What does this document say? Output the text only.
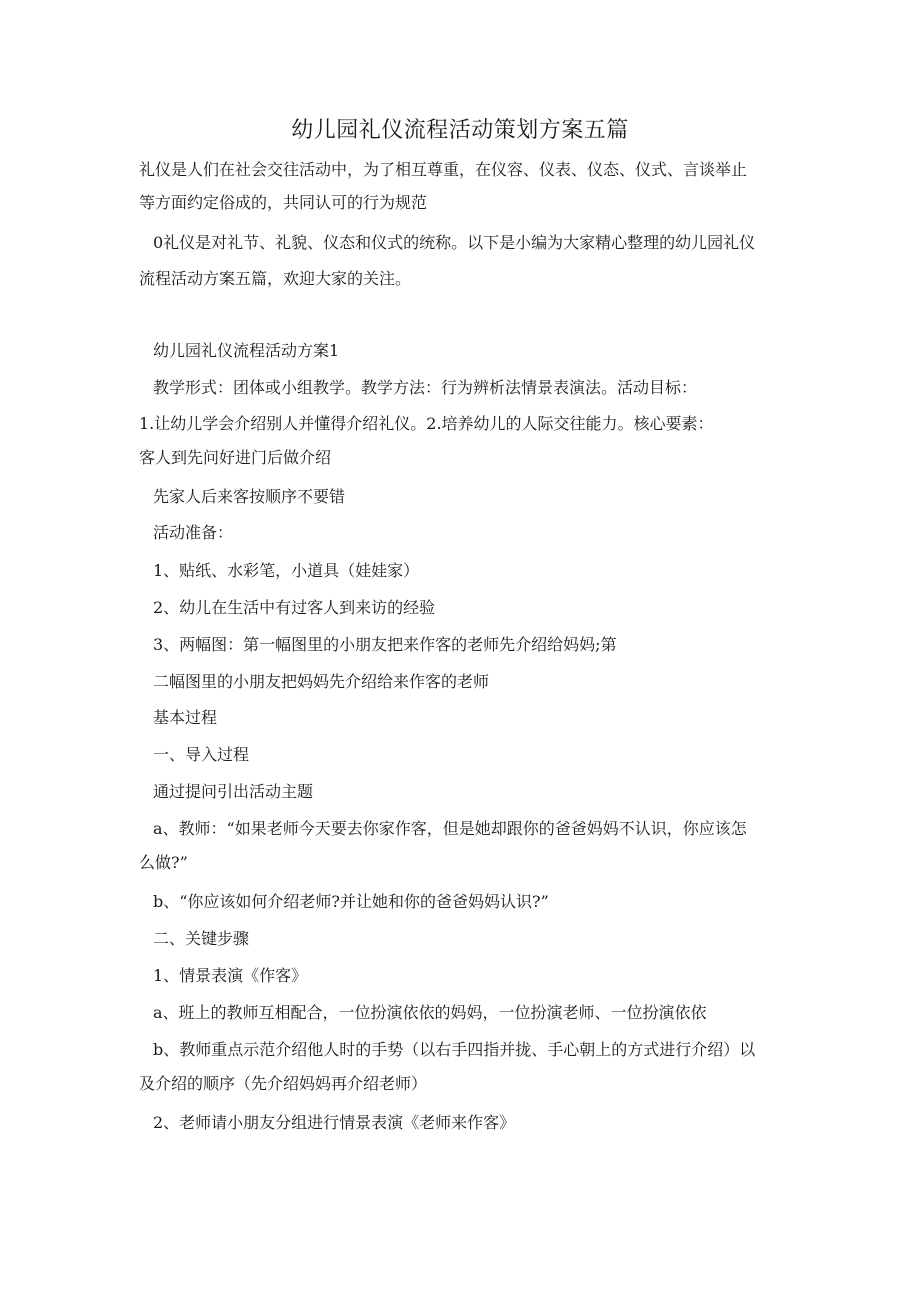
幼儿园礼仪流程活动策划方案五篇

礼仪是人们在社会交往活动中，为了相互尊重，在仪容、仪表、仪态、仪式、言谈举止

等方面约定俗成的，共同认可的行为规范

0礼仪是对礼节、礼貌、仪态和仪式的统称。以下是小编为大家精心整理的幼儿园礼仪

流程活动方案五篇，欢迎大家的关注。

幼儿园礼仪流程活动方案1

教学形式：团体或小组教学。教学方法：行为辨析法情景表演法。活动目标：

1.让幼儿学会介绍别人并懂得介绍礼仪。2.培养幼儿的人际交往能力。核心要素：

客人到先问好进门后做介绍

先家人后来客按顺序不要错

活动准备：

1、贴纸、水彩笔，小道具（娃娃家）

2、幼儿在生活中有过客人到来访的经验

3、两幅图：第一幅图里的小朋友把来作客的老师先介绍给妈妈;第

二幅图里的小朋友把妈妈先介绍给来作客的老师

基本过程

一、导入过程

通过提问引出活动主题

a、教师：“如果老师今天要去你家作客，但是她却跟你的爸爸妈妈不认识，你应该怎

么做?”

b、“你应该如何介绍老师?并让她和你的爸爸妈妈认识?”

二、关键步骤

1、情景表演《作客》

a、班上的教师互相配合，一位扮演依依的妈妈，一位扮演老师、一位扮演依依

b、教师重点示范介绍他人时的手势（以右手四指并拢、手心朝上的方式进行介绍）以

及介绍的顺序（先介绍妈妈再介绍老师）

2、老师请小朋友分组进行情景表演《老师来作客》
